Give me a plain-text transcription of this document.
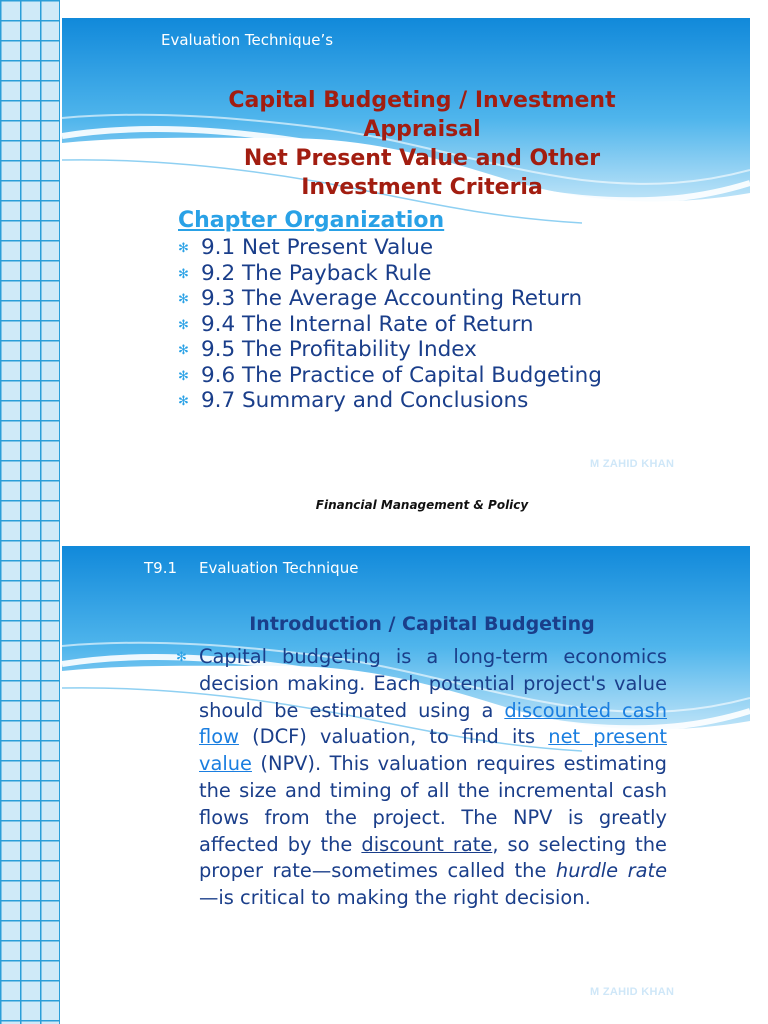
Evaluation Technique’s
Capital Budgeting / Investment
Appraisal
Net Present Value and Other
Investment Criteria
Chapter Organization
✻ 9.1 Net Present Value
✻ 9.2 The Payback Rule
✻ 9.3 The Average Accounting Return
✻ 9.4 The Internal Rate of Return
✻ 9.5 The Profitability Index
✻ 9.6 The Practice of Capital Budgeting
✻ 9.7 Summary and Conclusions
M ZAHID KHAN
Financial Management & Policy
T9.1 Evaluation Technique
Introduction / Capital Budgeting
✻ Capital budgeting is a long-term economics decision making. Each potential project's value should be estimated using a discounted cash flow (DCF) valuation, to find its net present value (NPV). This valuation requires estimating the size and timing of all the incremental cash flows from the project. The NPV is greatly affected by the discount rate, so selecting the proper rate—sometimes called the hurdle rate—is critical to making the right decision.

M ZAHID KHAN
